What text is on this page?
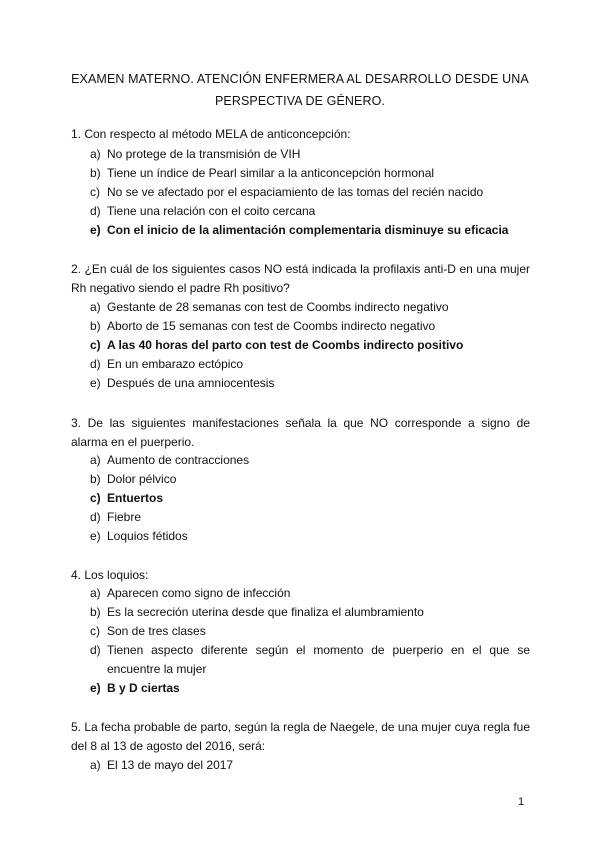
EXAMEN MATERNO. ATENCIÓN ENFERMERA AL DESARROLLO DESDE UNA
PERSPECTIVA DE GÉNERO.
1. Con respecto al método MELA de anticoncepción:
a) No protege de la transmisión de VIH
b) Tiene un índice de Pearl similar a la anticoncepción hormonal
c) No se ve afectado por el espaciamiento de las tomas del recién nacido
d) Tiene una relación con el coito cercana
e) Con el inicio de la alimentación complementaria disminuye su eficacia
2. ¿En cuál de los siguientes casos NO está indicada la profilaxis anti-D en una mujer Rh negativo siendo el padre Rh positivo?
a) Gestante de 28 semanas con test de Coombs indirecto negativo
b) Aborto de 15 semanas con test de Coombs indirecto negativo
c) A las 40 horas del parto con test de Coombs indirecto positivo
d) En un embarazo ectópico
e) Después de una amniocentesis
3. De las siguientes manifestaciones señala la que NO corresponde a signo de alarma en el puerperio.
a) Aumento de contracciones
b) Dolor pélvico
c) Entuertos
d) Fiebre
e) Loquios fétidos
4. Los loquios:
a) Aparecen como signo de infección
b) Es la secreción uterina desde que finaliza el alumbramiento
c) Son de tres clases
d) Tienen aspecto diferente según el momento de puerperio en el que se encuentre la mujer
e) B y D ciertas
5. La fecha probable de parto, según la regla de Naegele, de una mujer cuya regla fue del 8 al 13 de agosto del 2016, será:
a) El 13 de mayo del 2017
1
